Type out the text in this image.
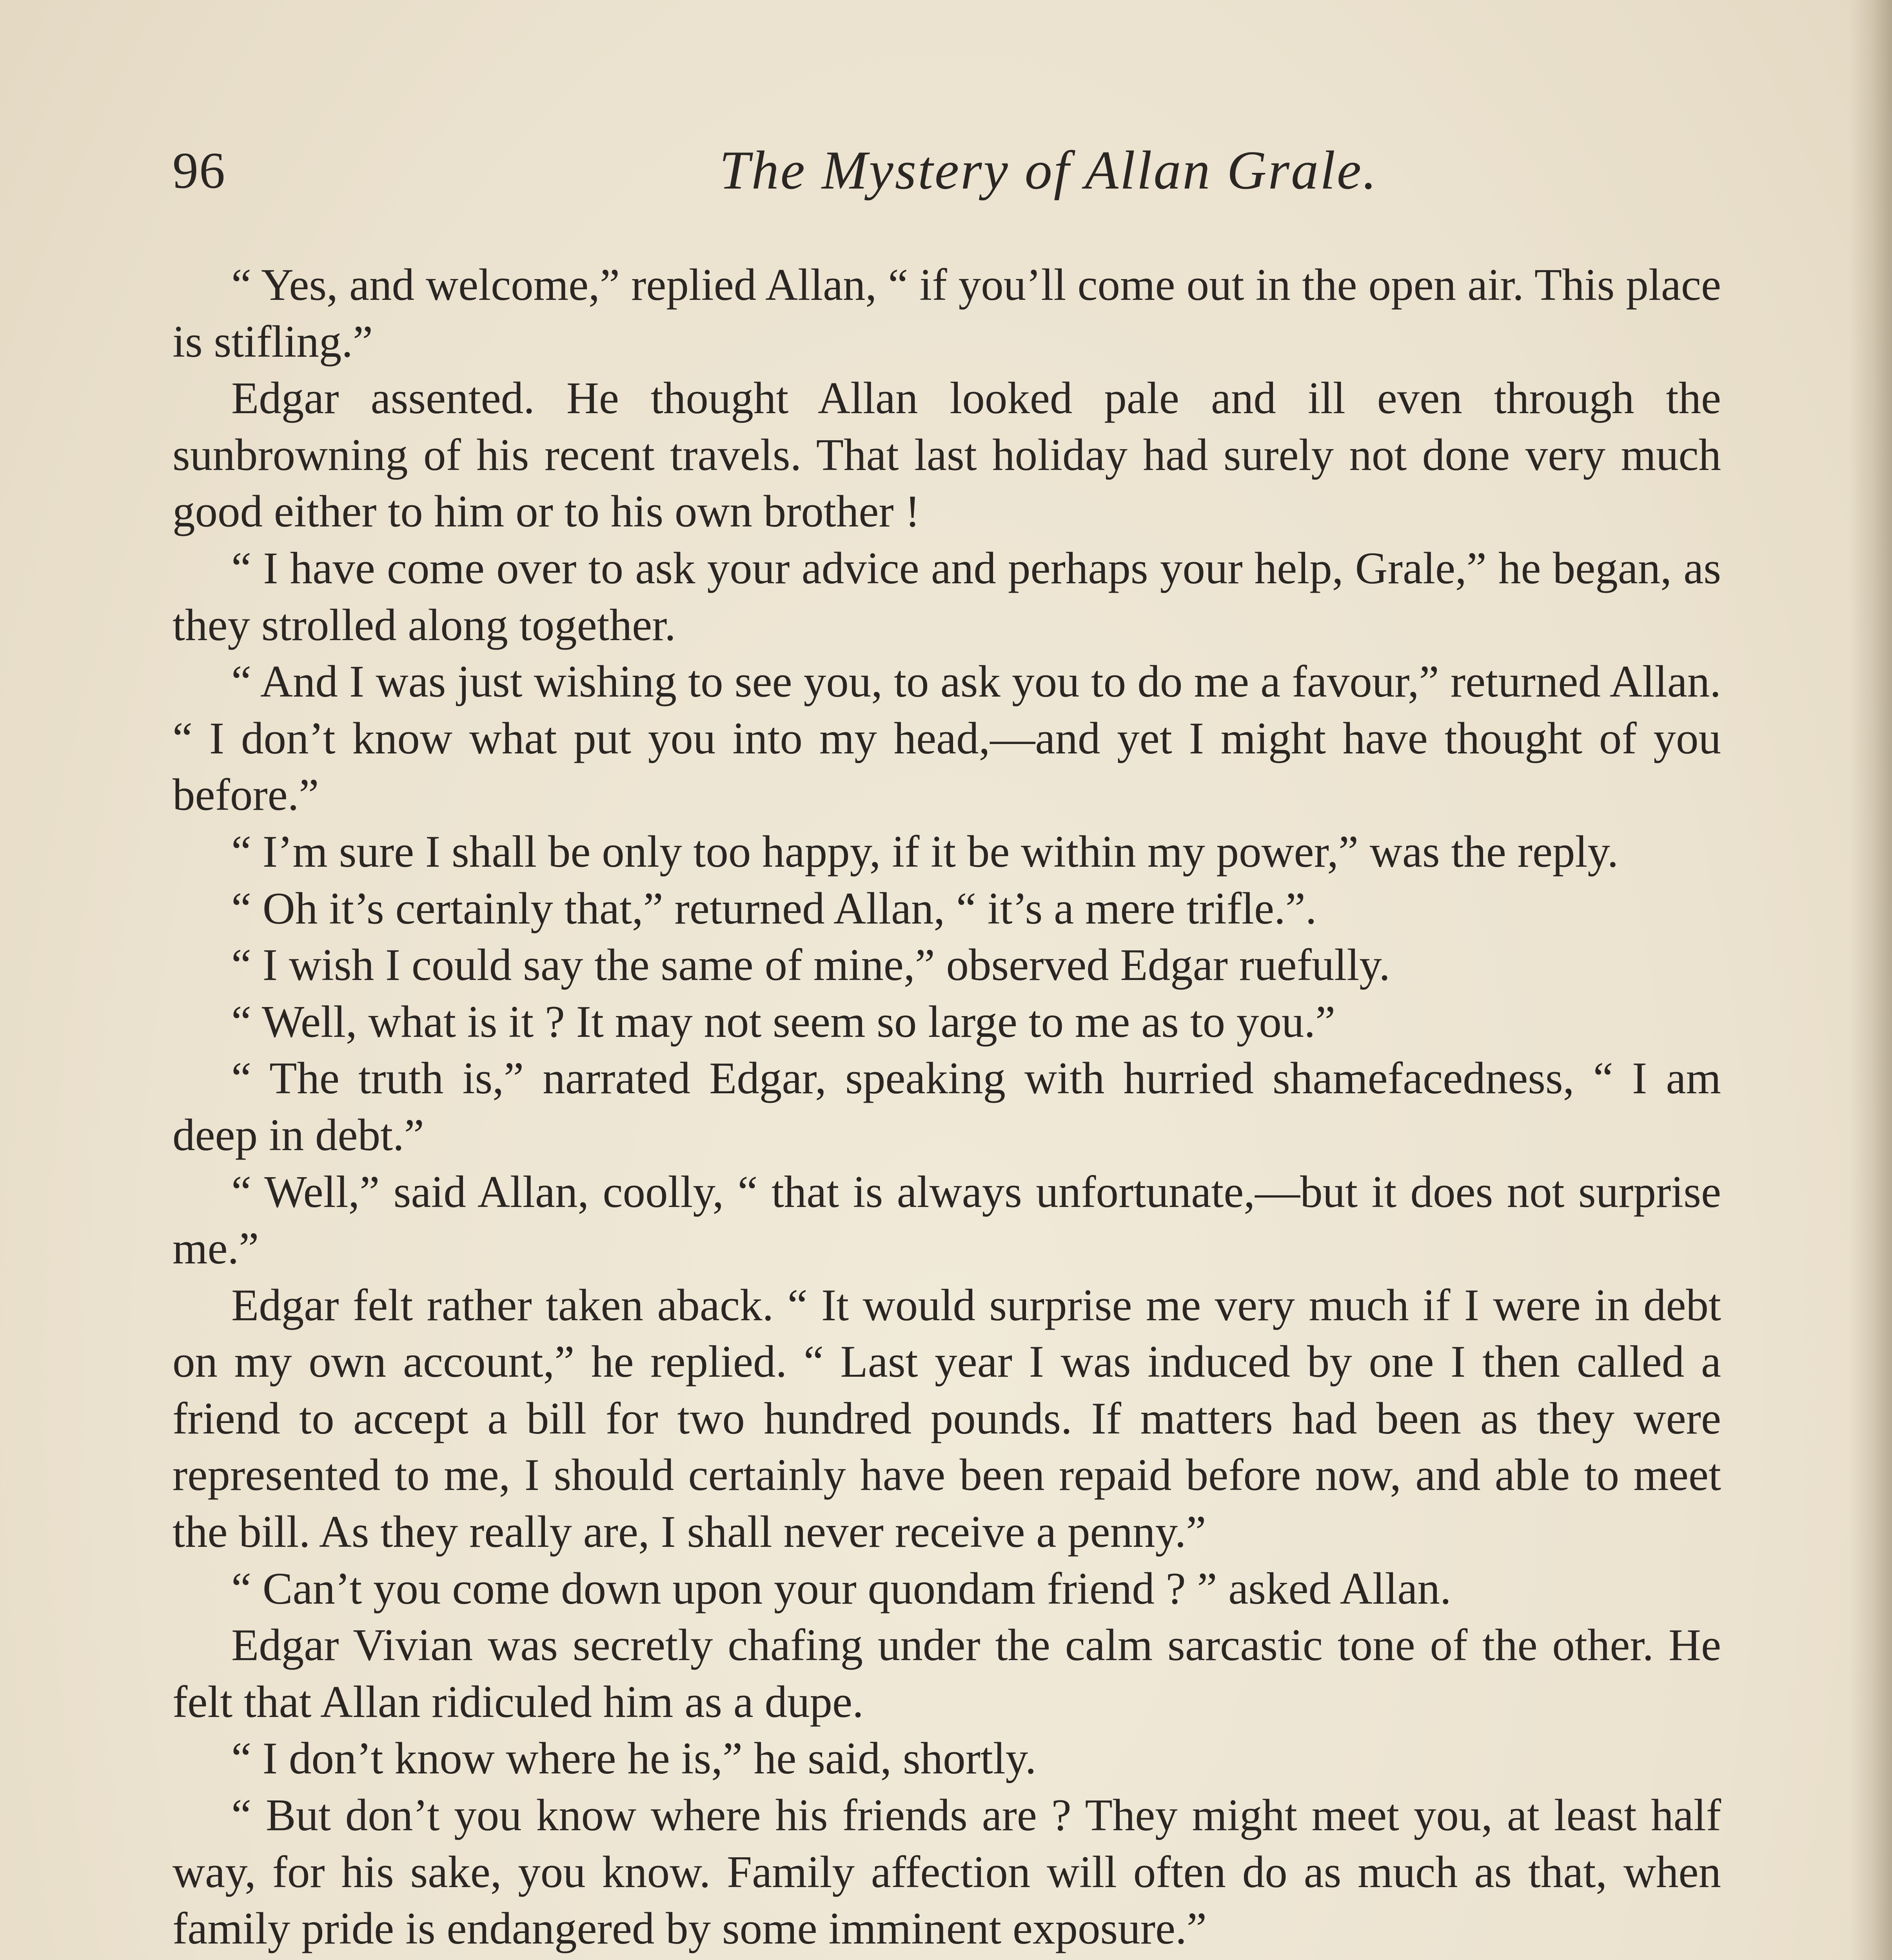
96	The Mystery of Allan Grale.

“ Yes, and welcome,” replied Allan, “ if you’ll come out in the open air. This place is stifling.”

Edgar assented. He thought Allan looked pale and ill even through the sunbrowning of his recent travels. That last holiday had surely not done very much good either to him or to his own brother !

“ I have come over to ask your advice and perhaps your help, Grale,” he began, as they strolled along together.

“ And I was just wishing to see you, to ask you to do me a favour,” returned Allan. “ I don’t know what put you into my head,—and yet I might have thought of you before.”

“ I’m sure I shall be only too happy, if it be within my power,” was the reply.

“ Oh it’s certainly that,” returned Allan, “ it’s a mere trifle.”.

“ I wish I could say the same of mine,” observed Edgar ruefully.

“ Well, what is it ? It may not seem so large to me as to you.”

“ The truth is,” narrated Edgar, speaking with hurried shamefacedness, “ I am deep in debt.”

“ Well,” said Allan, coolly, “ that is always unfortunate,—but it does not surprise me.”

Edgar felt rather taken aback. “ It would surprise me very much if I were in debt on my own account,” he replied. “ Last year I was induced by one I then called a friend to accept a bill for two hundred pounds. If matters had been as they were represented to me, I should certainly have been repaid before now, and able to meet the bill. As they really are, I shall never receive a penny.”

“ Can’t you come down upon your quondam friend ? ” asked Allan.

Edgar Vivian was secretly chafing under the calm sarcastic tone of the other. He felt that Allan ridiculed him as a dupe.

“ I don’t know where he is,” he said, shortly.

“ But don’t you know where his friends are ? They might meet you, at least half way, for his sake, you know. Family affection will often do as much as that, when family pride is endangered by some imminent exposure.”
